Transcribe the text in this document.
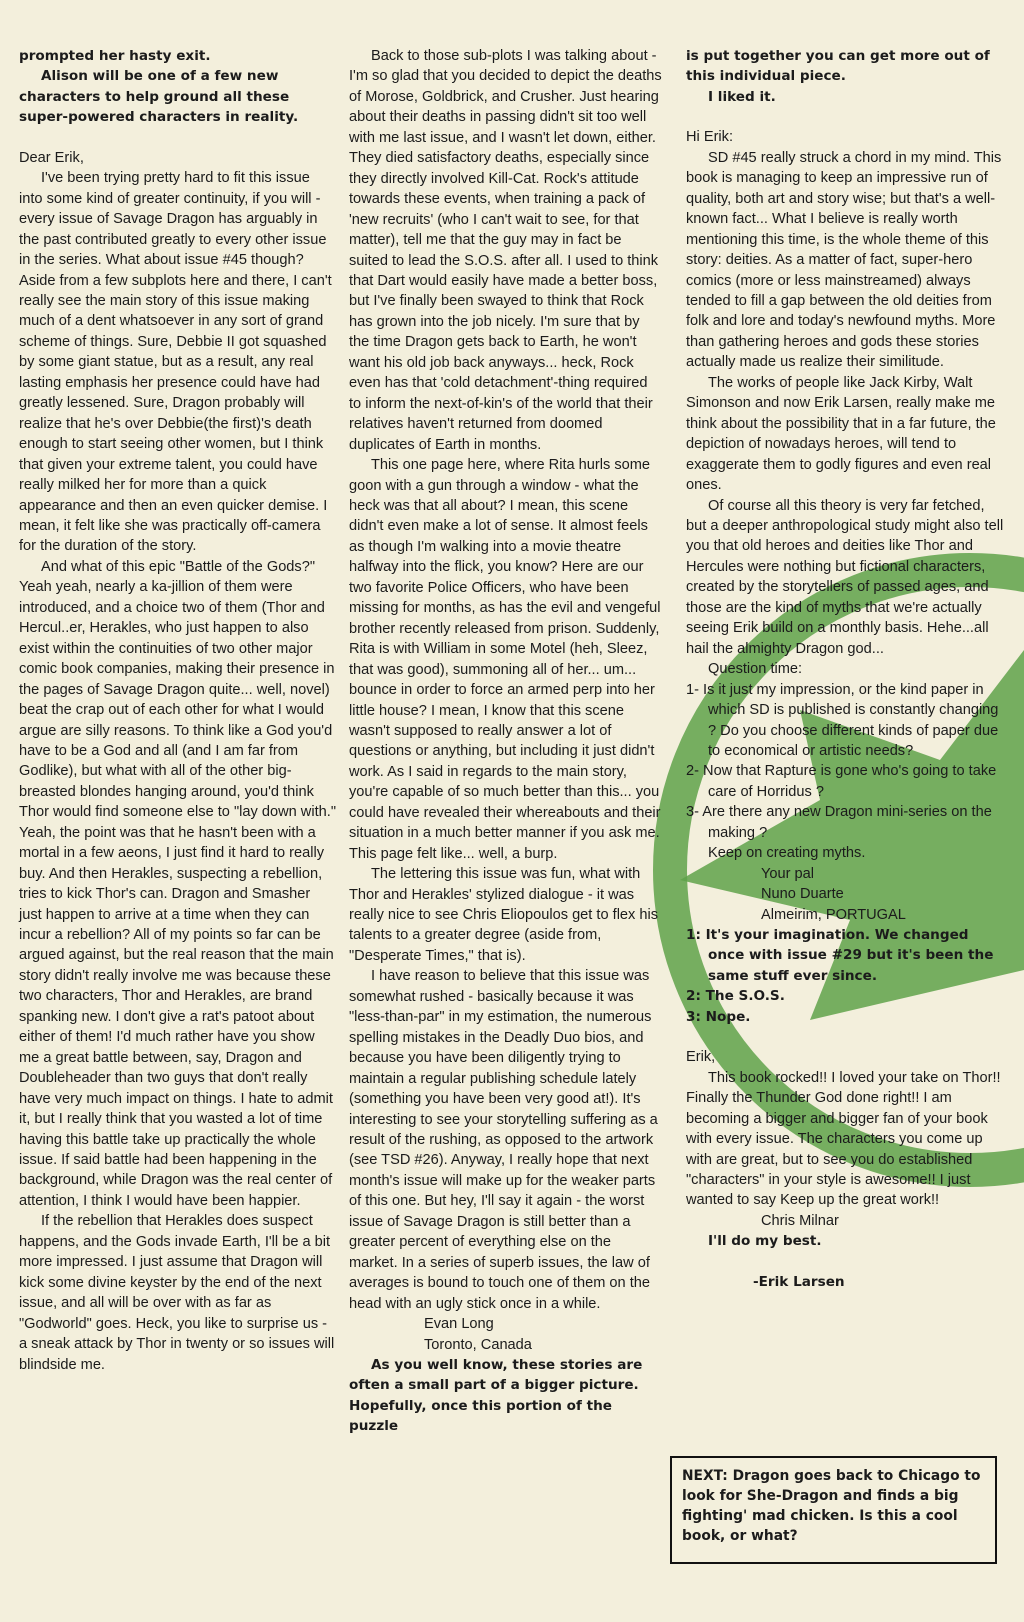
prompted her hasty exit.

Alison will be one of a few new characters to help ground all these super-powered characters in reality.

Dear Erik,

I've been trying pretty hard to fit this issue into some kind of greater continuity, if you will - every issue of Savage Dragon has arguably in the past contributed greatly to every other issue in the series. What about issue #45 though? Aside from a few subplots here and there, I can't really see the main story of this issue making much of a dent whatsoever in any sort of grand scheme of things. Sure, Debbie II got squashed by some giant statue, but as a result, any real lasting emphasis her presence could have had greatly lessened. Sure, Dragon probably will realize that he's over Debbie(the first)'s death enough to start seeing other women, but I think that given your extreme talent, you could have really milked her for more than a quick appearance and then an even quicker demise. I mean, it felt like she was practically off-camera for the duration of the story.

And what of this epic "Battle of the Gods?" Yeah yeah, nearly a ka-jillion of them were introduced, and a choice two of them (Thor and Hercul..er, Herakles, who just happen to also exist within the continuities of two other major comic book companies, making their presence in the pages of Savage Dragon quite... well, novel) beat the crap out of each other for what I would argue are silly reasons. To think like a God you'd have to be a God and all (and I am far from Godlike), but what with all of the other big-breasted blondes hanging around, you'd think Thor would find someone else to "lay down with." Yeah, the point was that he hasn't been with a mortal in a few aeons, I just find it hard to really buy. And then Herakles, suspecting a rebellion, tries to kick Thor's can. Dragon and Smasher just happen to arrive at a time when they can incur a rebellion? All of my points so far can be argued against, but the real reason that the main story didn't really involve me was because these two characters, Thor and Herakles, are brand spanking new. I don't give a rat's patoot about either of them! I'd much rather have you show me a great battle between, say, Dragon and Doubleheader than two guys that don't really have very much impact on things. I hate to admit it, but I really think that you wasted a lot of time having this battle take up practically the whole issue. If said battle had been happening in the background, while Dragon was the real center of attention, I think I would have been happier.

If the rebellion that Herakles does suspect happens, and the Gods invade Earth, I'll be a bit more impressed. I just assume that Dragon will kick some divine keyster by the end of the next issue, and all will be over with as far as "Godworld" goes. Heck, you like to surprise us - a sneak attack by Thor in twenty or so issues will blindside me.

Back to those sub-plots I was talking about - I'm so glad that you decided to depict the deaths of Morose, Goldbrick, and Crusher. Just hearing about their deaths in passing didn't sit too well with me last issue, and I wasn't let down, either. They died satisfactory deaths, especially since they directly involved Kill-Cat. Rock's attitude towards these events, when training a pack of 'new recruits' (who I can't wait to see, for that matter), tell me that the guy may in fact be suited to lead the S.O.S. after all. I used to think that Dart would easily have made a better boss, but I've finally been swayed to think that Rock has grown into the job nicely. I'm sure that by the time Dragon gets back to Earth, he won't want his old job back anyways... heck, Rock even has that 'cold detachment'-thing required to inform the next-of-kin's of the world that their relatives haven't returned from doomed duplicates of Earth in months.

This one page here, where Rita hurls some goon with a gun through a window - what the heck was that all about? I mean, this scene didn't even make a lot of sense. It almost feels as though I'm walking into a movie theatre halfway into the flick, you know? Here are our two favorite Police Officers, who have been missing for months, as has the evil and vengeful brother recently released from prison. Suddenly, Rita is with William in some Motel (heh, Sleez, that was good), summoning all of her... um... bounce in order to force an armed perp into her little house? I mean, I know that this scene wasn't supposed to really answer a lot of questions or anything, but including it just didn't work. As I said in regards to the main story, you're capable of so much better than this... you could have revealed their whereabouts and their situation in a much better manner if you ask me. This page felt like... well, a burp.

The lettering this issue was fun, what with Thor and Herakles' stylized dialogue - it was really nice to see Chris Eliopoulos get to flex his talents to a greater degree (aside from, "Desperate Times," that is).

I have reason to believe that this issue was somewhat rushed - basically because it was "less-than-par" in my estimation, the numerous spelling mistakes in the Deadly Duo bios, and because you have been diligently trying to maintain a regular publishing schedule lately (something you have been very good at!). It's interesting to see your storytelling suffering as a result of the rushing, as opposed to the artwork (see TSD #26). Anyway, I really hope that next month's issue will make up for the weaker parts of this one. But hey, I'll say it again - the worst issue of Savage Dragon is still better than a greater percent of everything else on the market. In a series of superb issues, the law of averages is bound to touch one of them on the head with an ugly stick once in a while.

Evan Long

Toronto, Canada

As you well know, these stories are often a small part of a bigger picture. Hopefully, once this portion of the puzzle

is put together you can get more out of this individual piece.

I liked it.

Hi Erik:

SD #45 really struck a chord in my mind. This book is managing to keep an impressive run of quality, both art and story wise; but that's a well-known fact... What I believe is really worth mentioning this time, is the whole theme of this story: deities. As a matter of fact, super-hero comics (more or less mainstreamed) always tended to fill a gap between the old deities from folk and lore and today's newfound myths. More than gathering heroes and gods these stories actually made us realize their similitude.

The works of people like Jack Kirby, Walt Simonson and now Erik Larsen, really make me think about the possibility that in a far future, the depiction of nowadays heroes, will tend to exaggerate them to godly figures and even real ones.

Of course all this theory is very far fetched, but a deeper anthropological study might also tell you that old heroes and deities like Thor and Hercules were nothing but fictional characters, created by the storytellers of passed ages, and those are the kind of myths that we're actually seeing Erik build on a monthly basis. Hehe...all hail the almighty Dragon god...

Question time:

1- Is it just my impression, or the kind paper in which SD is published is constantly changing ? Do you choose different kinds of paper due to economical or artistic needs?

2- Now that Rapture is gone who's going to take care of Horridus ?

3- Are there any new Dragon mini-series on the making ?

Keep on creating myths.

Your pal

Nuno Duarte

Almeirim, PORTUGAL

1: It's your imagination. We changed once with issue #29 but it's been the same stuff ever since.

2: The S.O.S.

3: Nope.

Erik,

This book rocked!! I loved your take on Thor!! Finally the Thunder God done right!! I am becoming a bigger and bigger fan of your book with every issue. The characters you come up with are great, but to see you do established "characters" in your style is awesome!! I just wanted to say Keep up the great work!!

Chris Milnar

I'll do my best.

-Erik Larsen

NEXT: Dragon goes back to Chicago to look for She-Dragon and finds a big fighting' mad chicken. Is this a cool book, or what?
